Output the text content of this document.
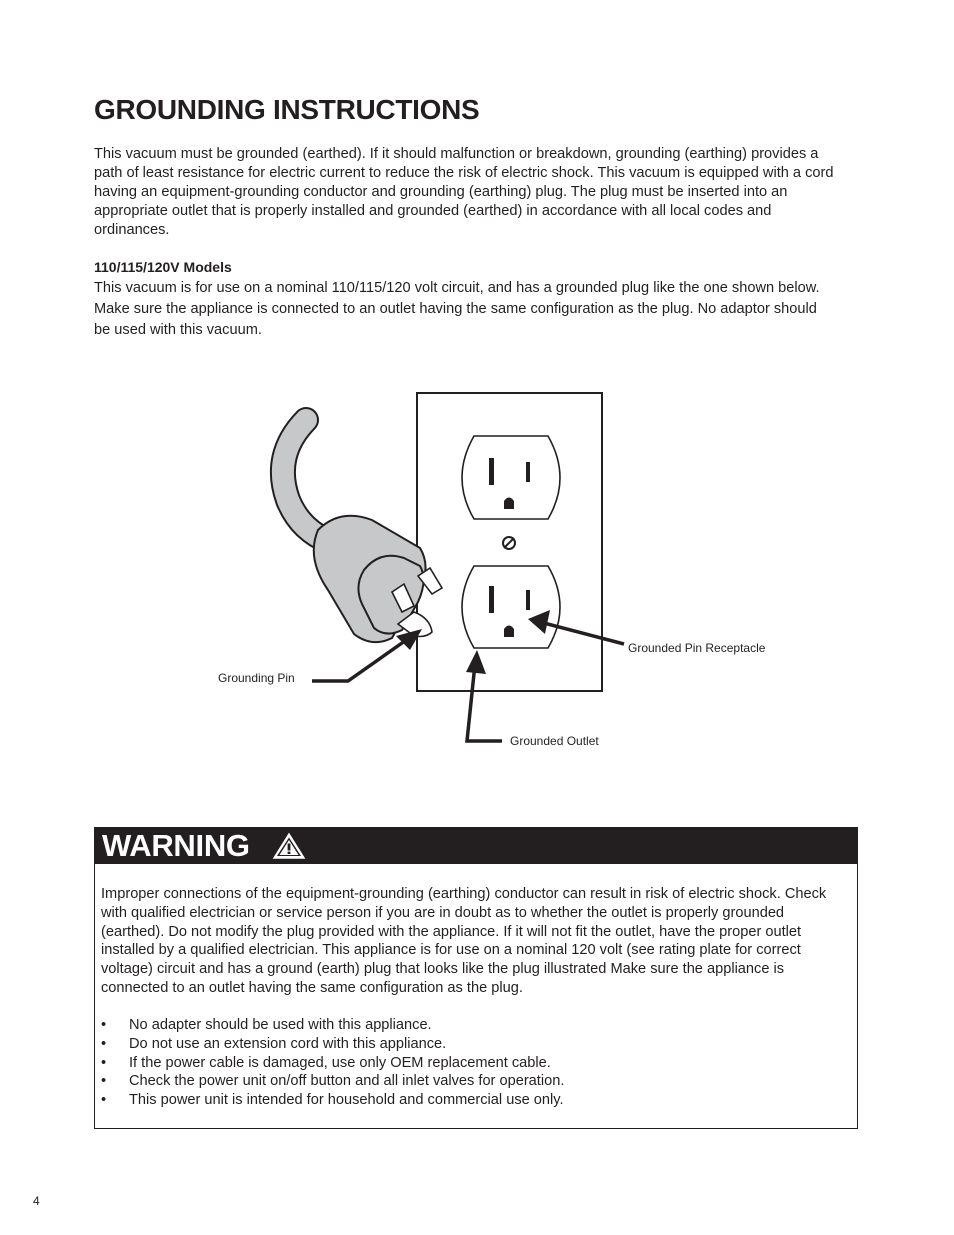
GROUNDING INSTRUCTIONS

This vacuum must be grounded (earthed). If it should malfunction or breakdown, grounding (earthing) provides a path of least resistance for electric current to reduce the risk of electric shock. This vacuum is equipped with a cord having an equipment-grounding conductor and grounding (earthing) plug. The plug must be inserted into an appropriate outlet that is properly installed and grounded (earthed) in accordance with all local codes and ordinances.

110/115/120V Models

This vacuum is for use on a nominal 110/115/120 volt circuit, and has a grounded plug like the one shown below. Make sure the appliance is connected to an outlet having the same configuration as the plug. No adaptor should be used with this vacuum.

Grounding Pin
Grounded Pin Receptacle
Grounded Outlet
WARNING

Improper connections of the equipment-grounding (earthing) conductor can result in risk of electric shock. Check with qualified electrician or service person if you are in doubt as to whether the outlet is properly grounded (earthed). Do not modify the plug provided with the appliance. If it will not fit the outlet, have the proper outlet installed by a qualified electrician. This appliance is for use on a nominal 120 volt (see rating plate for correct voltage) circuit and has a ground (earth) plug that looks like the plug illustrated Make sure the appliance is connected to an outlet having the same configuration as the plug.

• No adapter should be used with this appliance.
• Do not use an extension cord with this appliance.
• If the power cable is damaged, use only OEM replacement cable.
• Check the power unit on/off button and all inlet valves for operation.
• This power unit is intended for household and commercial use only.
4
